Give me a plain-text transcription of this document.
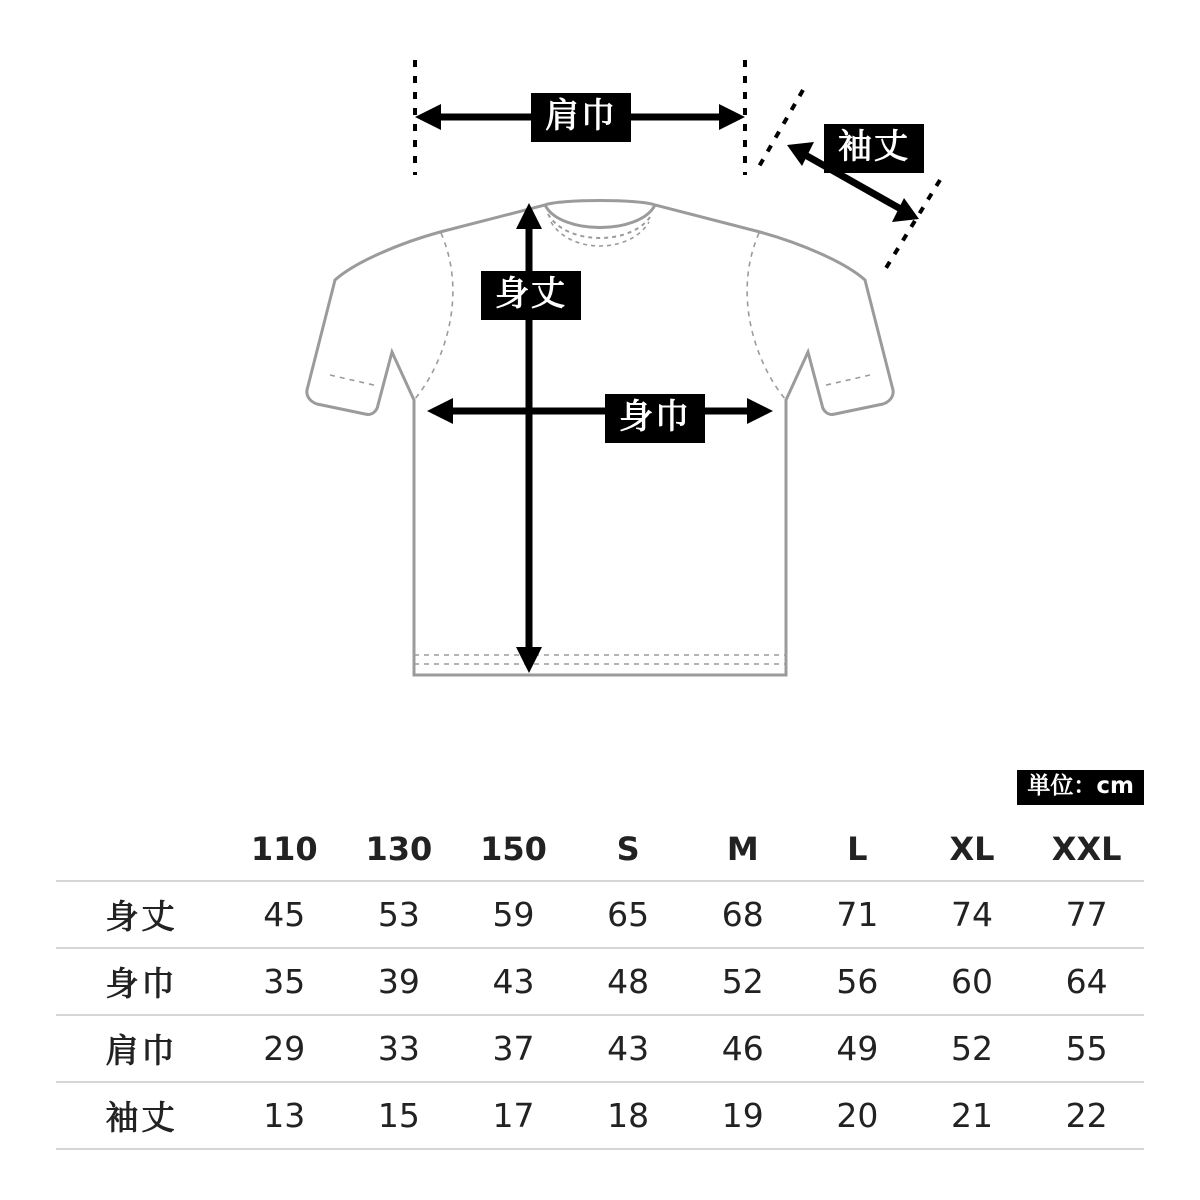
肩巾
袖丈
身丈
身巾
単位：cm
	110	130	150	S	M	L	XL	XXL
身丈	45	53	59	65	68	71	74	77
身巾	35	39	43	48	52	56	60	64
肩巾	29	33	37	43	46	49	52	55
袖丈	13	15	17	18	19	20	21	22
